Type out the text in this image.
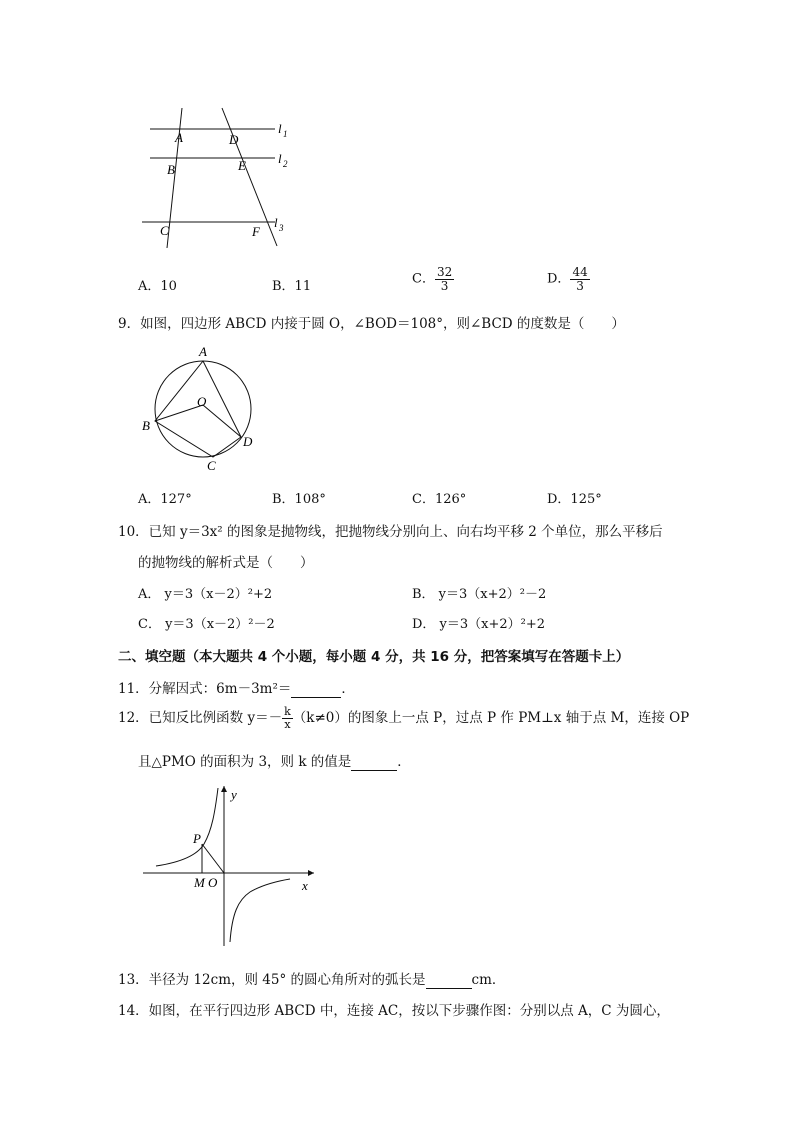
A	D
B	E
C	F
l 1
l 2
l 3
A．10	B．11	C． $\frac{32}{3}$	D． $\frac{44}{3}$
9．如图，四边形 ABCD 内接于圆 O，∠BOD＝108°，则∠BCD 的度数是（　　）
A
B
C
D
O
A．127°	B．108°	C．126°	D．125°
10．已知 y＝3x² 的图象是抛物线，把抛物线分别向上、向右均平移 2 个单位，那么平移后
的抛物线的解析式是（　　）
A． y＝3（x－2）²+2	B． y＝3（x+2）²－2
C． y＝3（x－2）²－2	D． y＝3（x+2）²+2
二、填空题（本大题共 4 个小题，每小题 4 分，共 16 分，把答案填写在答题卡上）
11．分解因式：6m－3m²＝	．
12．已知反比例函数 $y=- \frac{k}{x} (k\ne 0)$的图象上一点 P，过点 P 作 PM⊥x 轴于点 M，连接 OP
且△PMO 的面积为 3，则 k 的值是	．
y
x
P
M O
13．半径为 12cm，则 45° 的圆心角所对的弧长是	cm．
14．如图，在平行四边形 ABCD 中，连接 AC，按以下步骤作图：分别以点 A，C 为圆心，
